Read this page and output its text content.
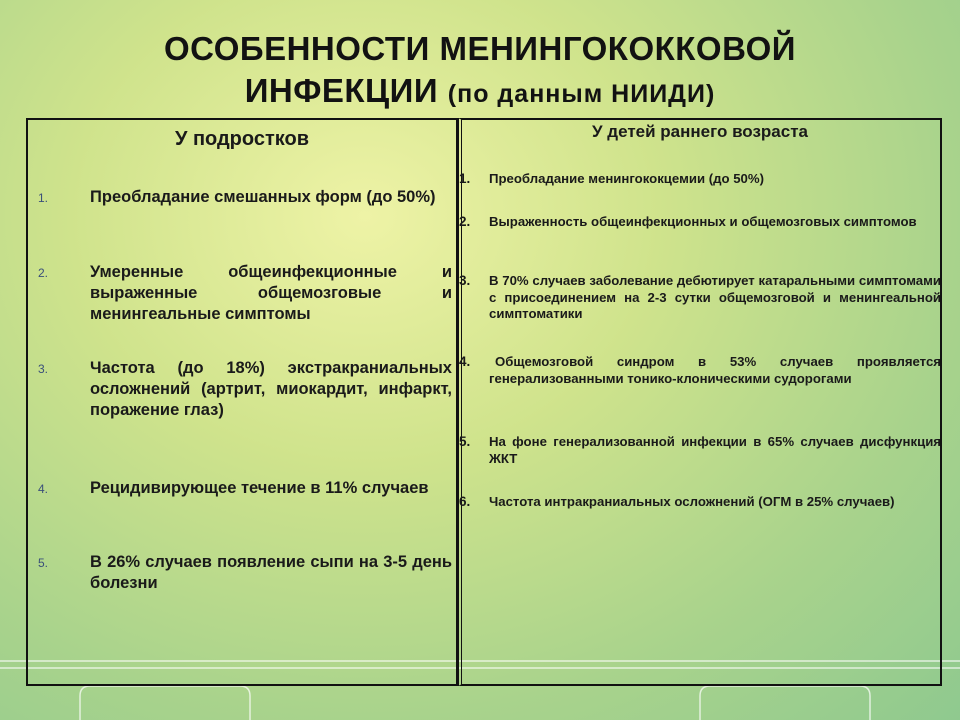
ОСОБЕННОСТИ МЕНИНГОКОККОВОЙ
ИНФЕКЦИИ (по данным НИИДИ)
У подростков	У детей раннего возраста
1.	Преобладание смешанных форм (до 50%)
2.	Умеренные общеинфекционные и выраженные общемозговые и менингеальные симптомы
3.	Частота (до 18%) экстракраниальных осложнений (артрит, миокардит, инфаркт, поражение глаз)
4.	Рецидивирующее течение в 11% случаев
5.	В 26% случаев появление сыпи на 3-5 день болезни
1. Преобладание менингококцемии (до 50%)
2. Выраженность общеинфекционных и общемозговых симптомов
3. В 70% случаев заболевание дебютирует катаральными симптомами с присоединением на 2-3 сутки общемозговой и менингеальной симптоматики
4.	Общемозговой синдром в 53% случаев проявляется генерализованными тонико-клоническими судорогами
5. На фоне генерализованной инфекции в 65% случаев дисфункция ЖКТ
6. Частота интракраниальных осложнений (ОГМ в 25% случаев)
